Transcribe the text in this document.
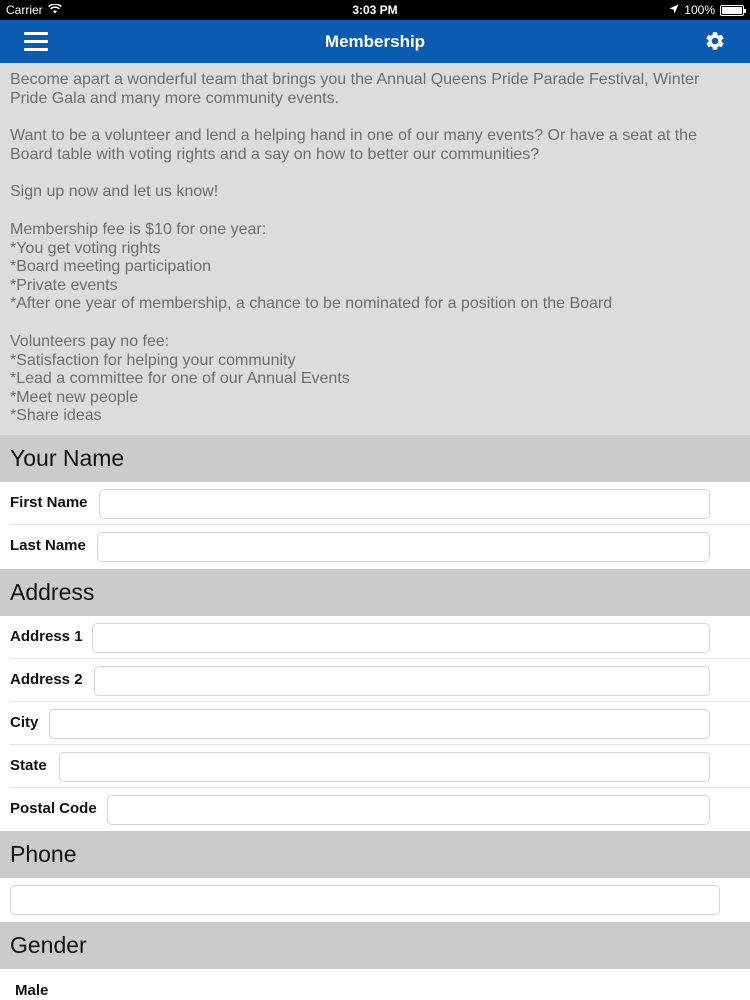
Carrier	3:03 PM	100%
Membership

Become apart a wonderful team that brings you the Annual Queens Pride Parade Festival, Winter Pride Gala and many more community events.

Want to be a volunteer and lend a helping hand in one of our many events? Or have a seat at the Board table with voting rights and a say on how to better our communities?

Sign up now and let us know!

Membership fee is $10 for one year:
*You get voting rights
*Board meeting participation
*Private events
*After one year of membership, a chance to be nominated for a position on the Board

Volunteers pay no fee:
*Satisfaction for helping your community
*Lead a committee for one of our Annual Events
*Meet new people
*Share ideas

Your Name
First Name
Last Name
Address
Address 1
Address 2
City
State
Postal Code
Phone
Gender
Male
